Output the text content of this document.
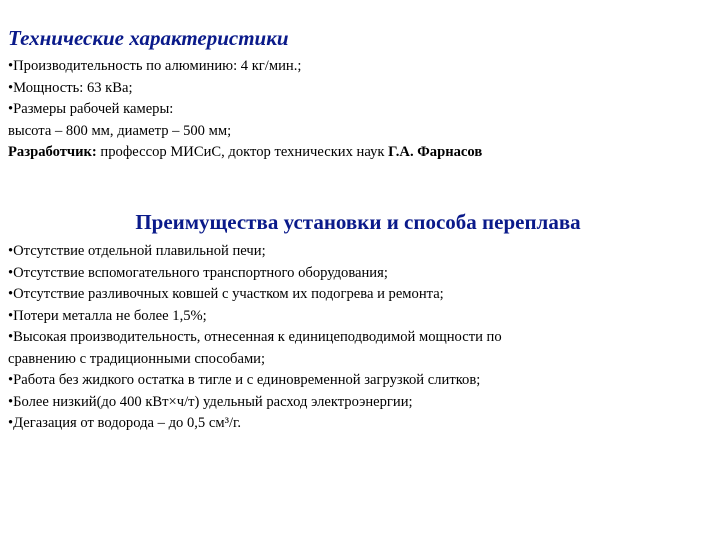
Технические характеристики
•Производительность по алюминию: 4 кг/мин.;
•Мощность: 63 кВа;
•Размеры рабочей камеры:
высота – 800 мм, диаметр – 500 мм;
Разработчик: профессор МИСиС, доктор технических наук Г.А. Фарнасов
Преимущества установки и способа переплава
•Отсутствие отдельной плавильной печи;
•Отсутствие вспомогательного транспортного оборудования;
•Отсутствие разливочных ковшей с участком их подогрева и ремонта;
•Потери металла не более 1,5%;
•Высокая производительность, отнесенная к единицеподводимой мощности по
сравнению с традиционными способами;
•Работа без жидкого остатка в тигле и с единовременной загрузкой слитков;
•Более низкий(до 400 кВт×ч/т) удельный расход электроэнергии;
•Дегазация от водорода – до 0,5 см³/г.
